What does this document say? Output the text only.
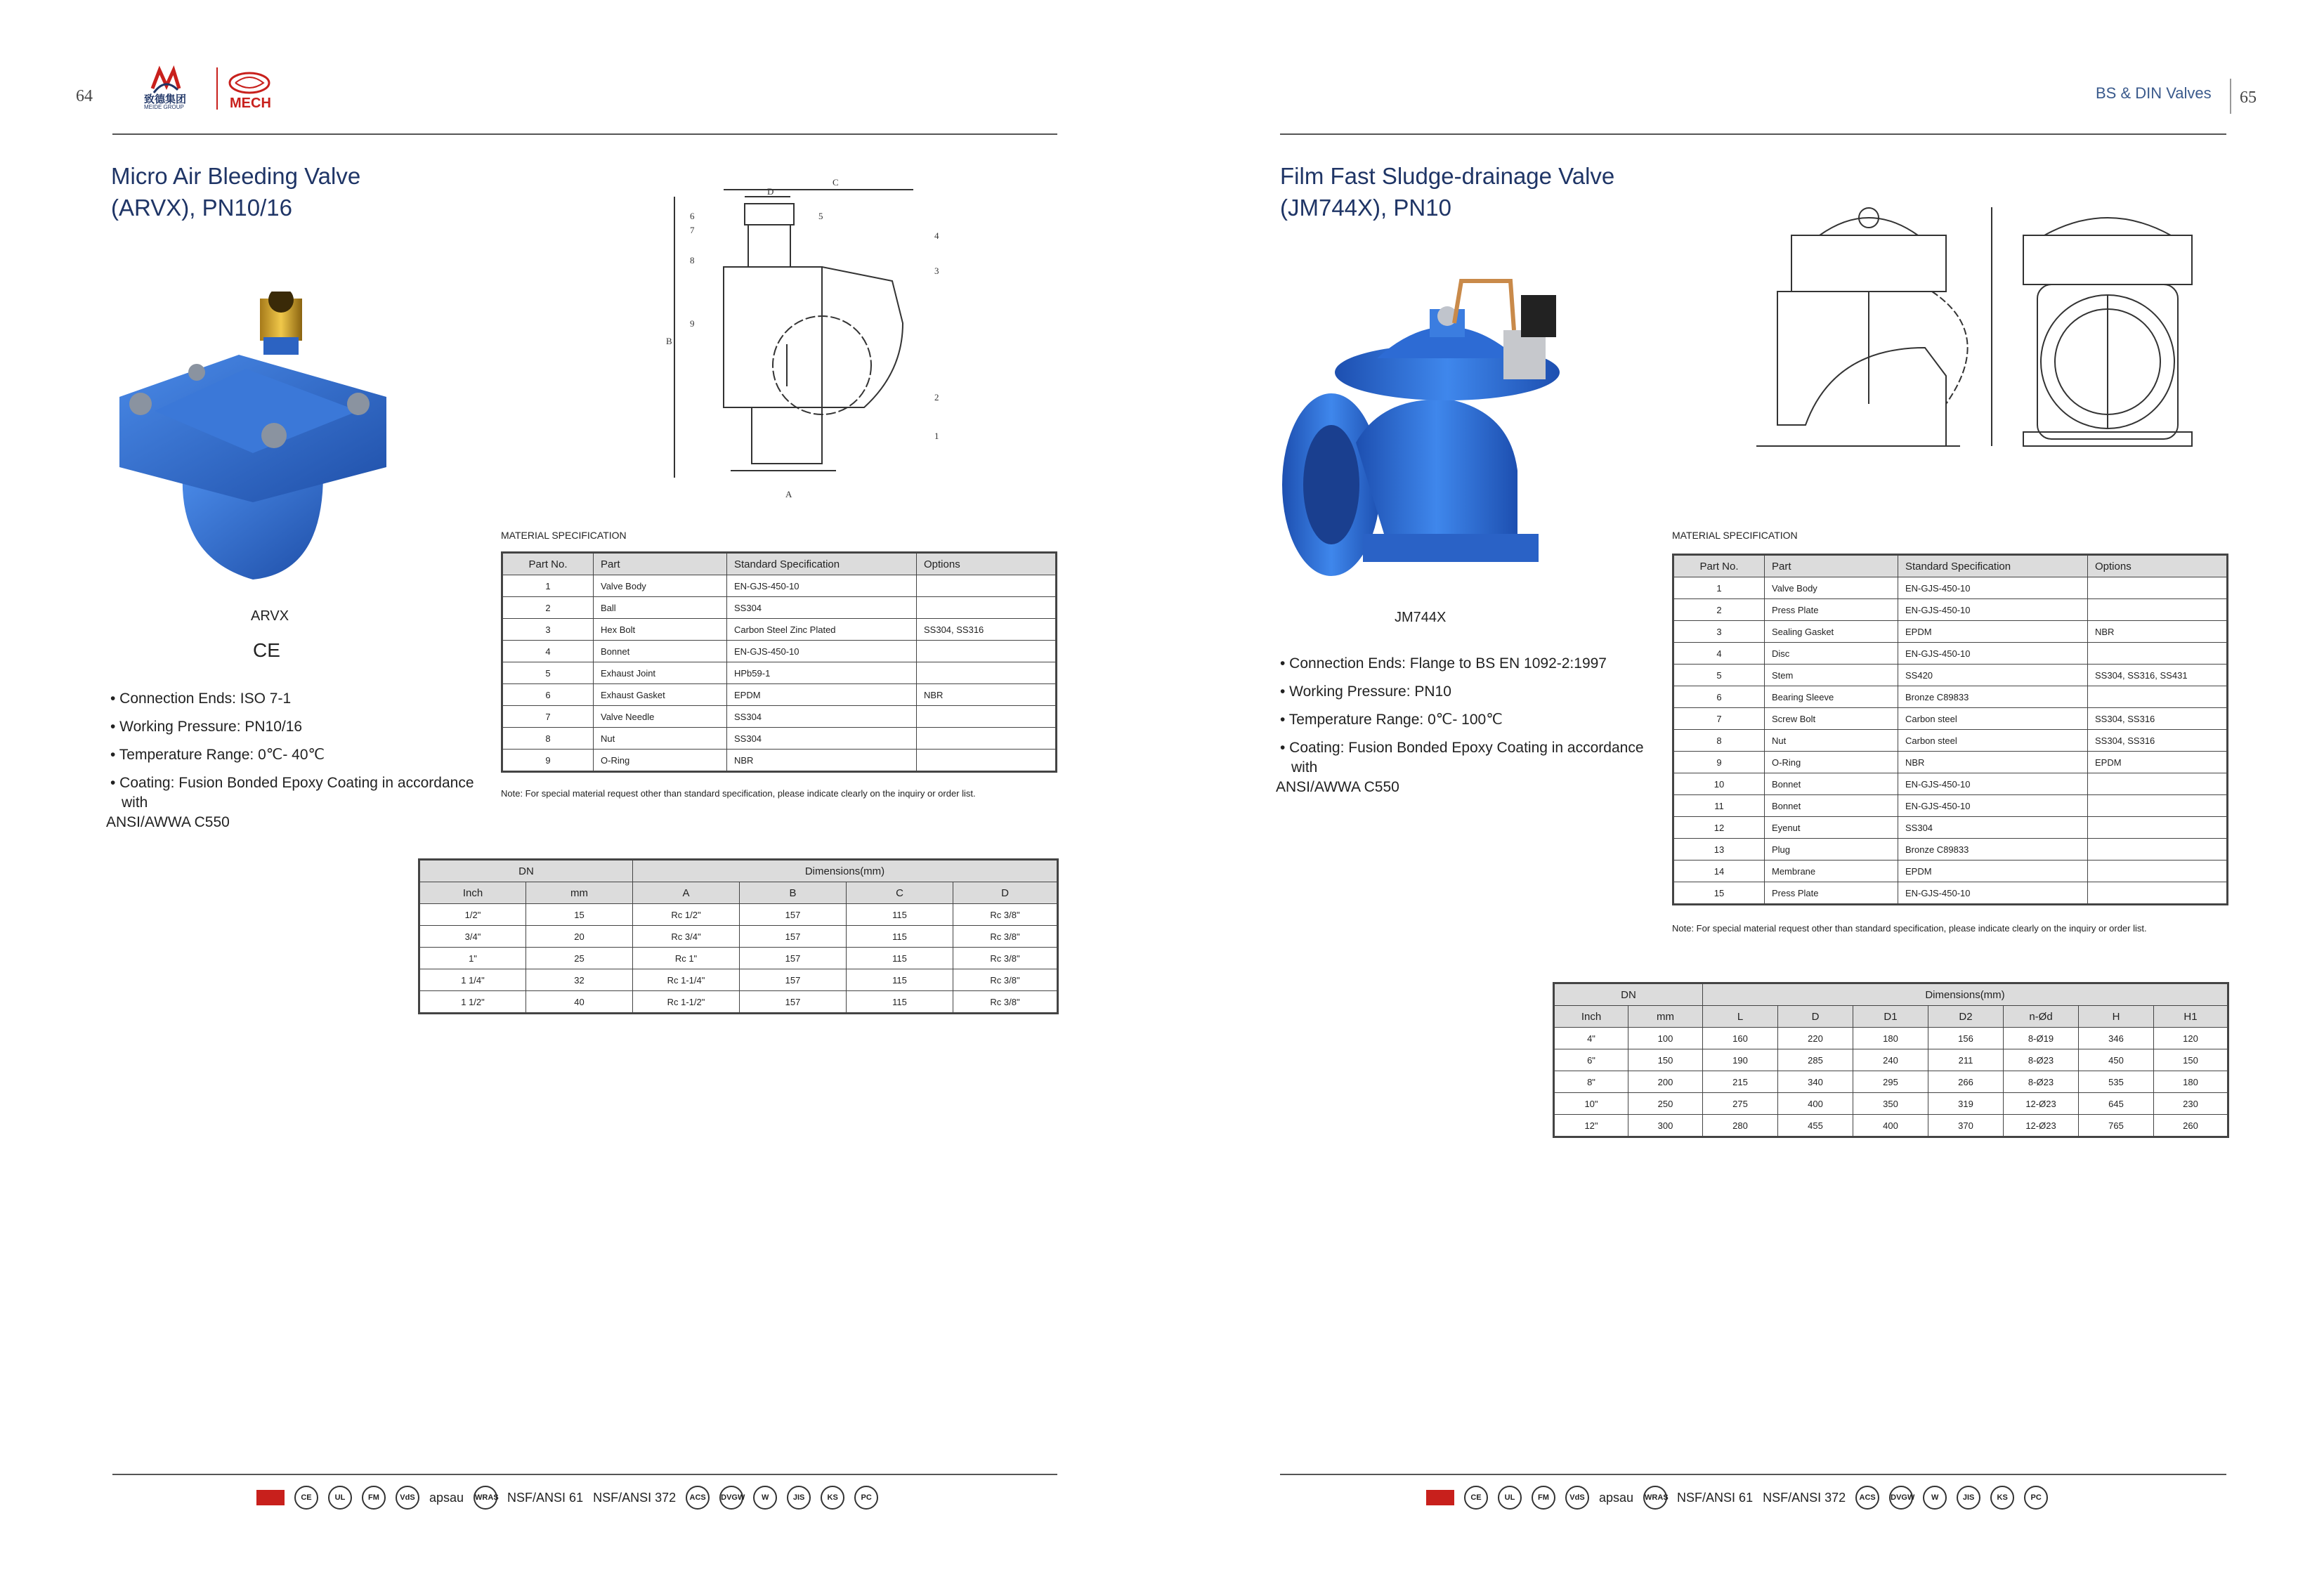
64	致德集团
MEIDE GROUP	MECH
Micro Air Bleeding Valve
(ARVX), PN10/16
ARVX
CE
• Connection Ends: ISO 7-1
• Working Pressure: PN10/16
• Temperature Range: 0℃- 40℃
• Coating: Fusion Bonded Epoxy Coating in accordance with
ANSI/AWWA C550
D
C
6
7
5
4
3
8
9
B
2
1
A
MATERIAL SPECIFICATION
Part No.	Part	Standard Specification	Options
1	Valve Body	EN-GJS-450-10	
2	Ball	SS304	
3	Hex Bolt	Carbon Steel Zinc Plated	SS304, SS316
4	Bonnet	EN-GJS-450-10	
5	Exhaust Joint	HPb59-1	
6	Exhaust Gasket	EPDM	NBR
7	Valve Needle	SS304	
8	Nut	SS304	
9	O-Ring	NBR	
Note: For special material request other than standard specification, please indicate clearly on the inquiry or order list.
DN		Dimensions(mm)			
Inch	mm	A	B	C	D
1/2"	15	Rc 1/2"	157	115	Rc 3/8"
3/4"	20	Rc 3/4"	157	115	Rc 3/8"
1"	25	Rc 1"	157	115	Rc 3/8"
1 1/4"	32	Rc 1-1/4"	157	115	Rc 3/8"
1 1/2"	40	Rc 1-1/2"	157	115	Rc 3/8"
CE	UL	FM	VdS	apsau WRAS NSF/ANSI 61 NSF/ANSI 372	ACS	DVGW	W	JIS	KS	PC
BS & DIN Valves 65
Film Fast Sludge-drainage Valve
(JM744X), PN10
JM744X
• Connection Ends: Flange to BS EN 1092-2:1997
• Working Pressure: PN10
• Temperature Range: 0℃- 100℃
• Coating: Fusion Bonded Epoxy Coating in accordance with
ANSI/AWWA C550
MATERIAL SPECIFICATION
Part No.	Part	Standard Specification	Options
1	Valve Body	EN-GJS-450-10	
2	Press Plate	EN-GJS-450-10	
3	Sealing Gasket	EPDM	NBR
4	Disc	EN-GJS-450-10	
5	Stem	SS420	SS304, SS316, SS431
6	Bearing Sleeve	Bronze C89833	
7	Screw Bolt	Carbon steel	SS304, SS316
8	Nut	Carbon steel	SS304, SS316
9	O-Ring	NBR	EPDM
10	Bonnet	EN-GJS-450-10	
11	Bonnet	EN-GJS-450-10	
12	Eyenut	SS304	
13	Plug	Bronze C89833	
14	Membrane	EPDM	
15	Press Plate	EN-GJS-450-10	
Note: For special material request other than standard specification, please indicate clearly on the inquiry or order list.
DN		Dimensions(mm)						
Inch	mm	L	D	D1	D2	n-Ød	H	H1
4"	100	160	220	180	156	8-Ø19	346	120
6"	150	190	285	240	211	8-Ø23	450	150
8"	200	215	340	295	266	8-Ø23	535	180
10"	250	275	400	350	319	12-Ø23	645	230
12"	300	280	455	400	370	12-Ø23	765	260
CE	UL	FM	VdS	apsau WRAS NSF/ANSI 61 NSF/ANSI 372	ACS	DVGW	W	JIS	KS	PC
